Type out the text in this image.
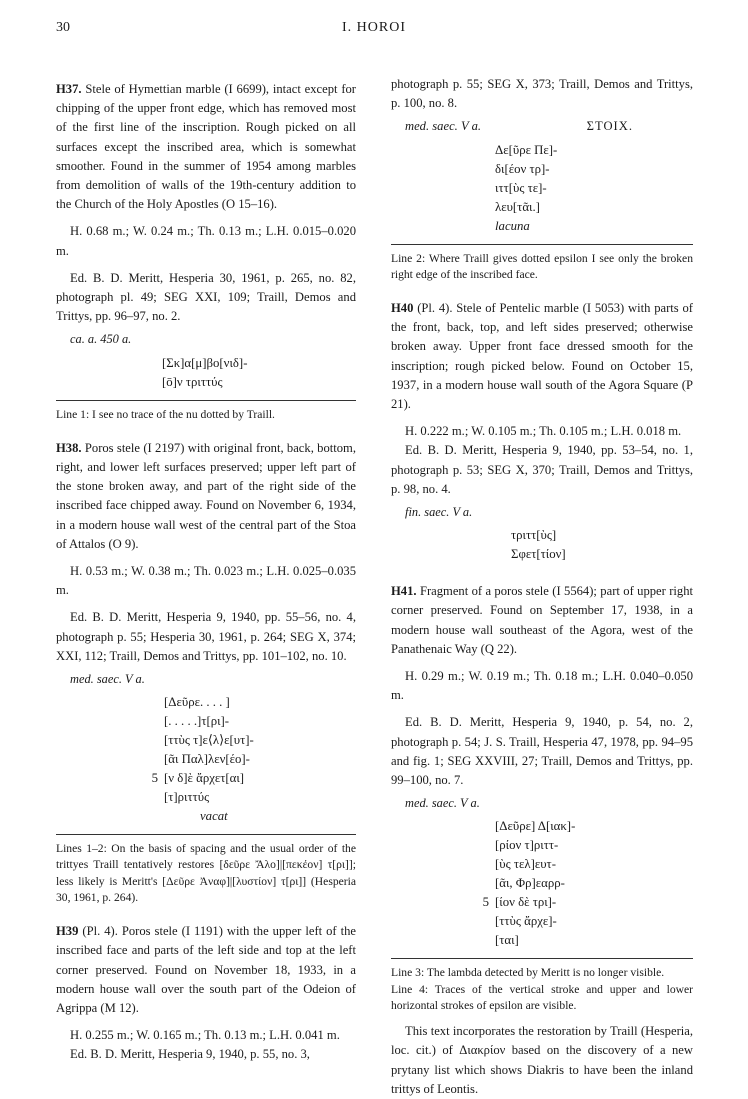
30	I. HOROI

H37. Stele of Hymettian marble (I 6699), intact except for chipping of the upper front edge, which has removed most of the first line of the inscription. Rough picked on all surfaces except the inscribed area, which is somewhat smoother. Found in the summer of 1954 among marbles from demolition of walls of the 19th-century addition to the Church of the Holy Apostles (O 15–16).

H. 0.68 m.; W. 0.24 m.; Th. 0.13 m.; L.H. 0.015–0.020 m.

Ed. B. D. Meritt, Hesperia 30, 1961, p. 265, no. 82, photograph pl. 49; SEG XXI, 109; Traill, Demos and Trittys, pp. 96–97, no. 2.

ca. a. 450 a.
[Σκ]α[μ]βο[νιδ]-
[ō]ν τριττύς

Line 1: I see no trace of the nu dotted by Traill.

H38. Poros stele (I 2197) with original front, back, bottom, right, and lower left surfaces preserved; upper left part of the stone broken away, and part of the right side of the inscribed face chipped away. Found on November 6, 1934, in a modern house wall west of the central part of the Stoa of Attalos (O 9).

H. 0.53 m.; W. 0.38 m.; Th. 0.023 m.; L.H. 0.025–0.035 m.

Ed. B. D. Meritt, Hesperia 9, 1940, pp. 55–56, no. 4, photograph p. 55; Hesperia 30, 1961, p. 264; SEG X, 374; XXI, 112; Traill, Demos and Trittys, pp. 101–102, no. 10.

med. saec. V a.
[Δεῦρε. . . . ]
[. . . . .]τ[ρι]-
[ττὺς τ]ε⟨λ⟩ε[υτ]-
[ᾶι Παλ]λεν[έο]-
5 [ν δ]ὲ ἄρχετ[αι]
[τ]ριττύς
vacat

Lines 1–2: On the basis of spacing and the usual order of the trittyes Traill tentatively restores [δεῦρε Ἄλο]|[πεκέον] τ[ρι]]; less likely is Meritt's [Δεῦρε Ἀναφ]|[λυστίον] τ[ρι]] (Hesperia 30, 1961, p. 264).

H39 (Pl. 4). Poros stele (I 1191) with the upper left of the inscribed face and parts of the left side and top at the left corner preserved. Found on November 18, 1933, in a modern house wall over the south part of the Odeion of Agrippa (M 12).

H. 0.255 m.; W. 0.165 m.; Th. 0.13 m.; L.H. 0.041 m.

Ed. B. D. Meritt, Hesperia 9, 1940, p. 55, no. 3,

photograph p. 55; SEG X, 373; Traill, Demos and Trittys, p. 100, no. 8.

med. saec. V a.	ΣΤΟΙΧ.
Δε[ῦρε Πε]-
δι[έον τρ]-
ιττ[ὺς τε]-
λευ[τᾶι.]
lacuna

Line 2: Where Traill gives dotted epsilon I see only the broken right edge of the inscribed face.

H40 (Pl. 4). Stele of Pentelic marble (I 5053) with parts of the front, back, top, and left sides preserved; otherwise broken away. Upper front face dressed smooth for the inscription; rough picked below. Found on October 15, 1937, in a modern house wall south of the Agora Square (P 21).

H. 0.222 m.; W. 0.105 m.; Th. 0.105 m.; L.H. 0.018 m.

Ed. B. D. Meritt, Hesperia 9, 1940, pp. 53–54, no. 1, photograph p. 53; SEG X, 370; Traill, Demos and Trittys, p. 98, no. 4.

fin. saec. V a.
τριττ[ὺς]
Σφετ[τίον]

H41. Fragment of a poros stele (I 5564); part of upper right corner preserved. Found on September 17, 1938, in a modern house wall southeast of the Agora, west of the Panathenaic Way (Q 22).

H. 0.29 m.; W. 0.19 m.; Th. 0.18 m.; L.H. 0.040–0.050 m.

Ed. B. D. Meritt, Hesperia 9, 1940, p. 54, no. 2, photograph p. 54; J. S. Traill, Hesperia 47, 1978, pp. 94–95 and fig. 1; SEG XXVIII, 27; Traill, Demos and Trittys, pp. 99–100, no. 7.

med. saec. V a.
[Δεῦρε] Δ[ιακ]-
[ρίον τ]ριττ-
[ὺς τελ]ευτ-
[ᾶι, Φρ]εαρρ-
5 [ίον δὲ τρι]-
[ττὺς ἄρχε]-
[ται]

Line 3: The lambda detected by Meritt is no longer visible.

Line 4: Traces of the vertical stroke and upper and lower horizontal strokes of epsilon are visible.

This text incorporates the restoration by Traill (Hesperia, loc. cit.) of Διακρίον based on the discovery of a new prytany list which shows Diakris to have been the inland trittys of Leontis.
